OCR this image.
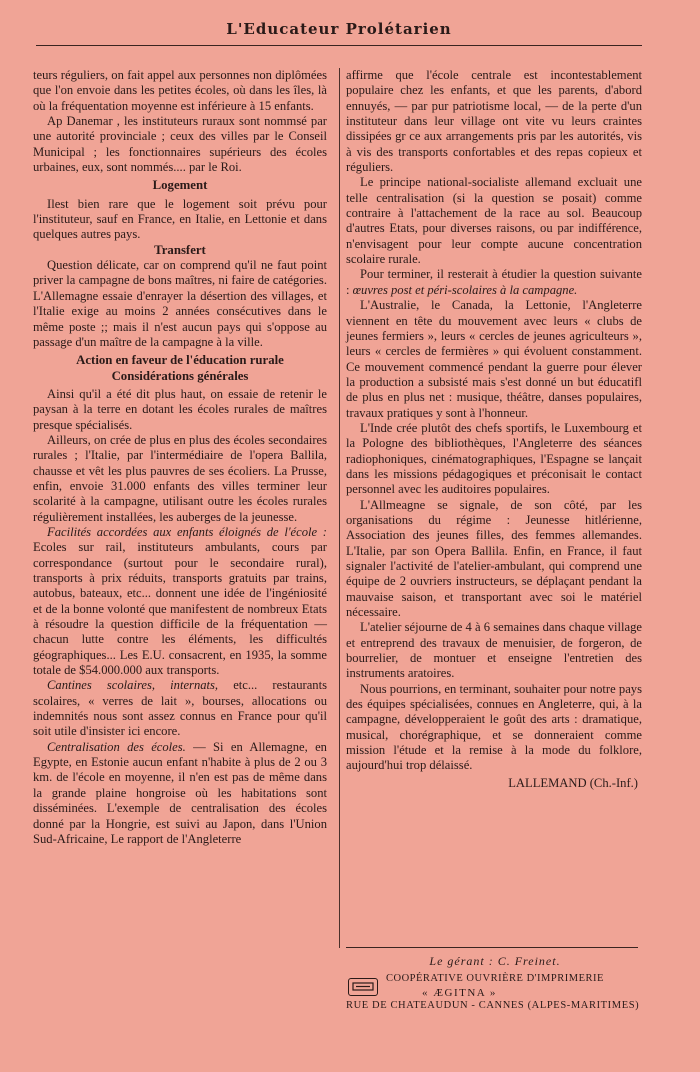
L'Educateur Prolétarien

teurs réguliers, on fait appel aux personnes non diplômées que l'on envoie dans les petites écoles, où dans les îles, là où la fréquentation moyenne est inférieure à 15 enfants.

Ap Danemar , les instituteurs ruraux sont nommsé par une autorité provinciale ; ceux des villes par le Conseil Municipal ; les fonctionnaires supérieurs des écoles urbaines, eux, sont nommés.... par le Roi.

Logement

Ilest bien rare que le logement soit prévu pour l'instituteur, sauf en France, en Italie, en Lettonie et dans quelques autres pays.

Transfert

Question délicate, car on comprend qu'il ne faut point priver la campagne de bons maîtres, ni faire de catégories. L'Allemagne essaie d'enrayer la désertion des villages, et l'Italie exige au moins 2 années consécutives dans le même poste ;; mais il n'est aucun pays qui s'oppose au passage d'un maître de la campagne à la ville.

Action en faveur de l'éducation rurale
Considérations générales

Ainsi qu'il a été dit plus haut, on essaie de retenir le paysan à la terre en dotant les écoles rurales de maîtres presque spécialisés.

Ailleurs, on crée de plus en plus des écoles secondaires rurales ; l'Italie, par l'intermédiaire de l'opera Ballila, chausse et vêt les plus pauvres de ses écoliers. La Prusse, enfin, envoie 31.000 enfants des villes terminer leur scolarité à la campagne, utilisant outre les écoles rurales régulièrement installées, les auberges de la jeunesse.

Facilités accordées aux enfants éloignés de l'école : Ecoles sur rail, instituteurs ambulants, cours par correspondance (surtout pour le secondaire rural), transports à prix réduits, transports gratuits par trains, autobus, bateaux, etc... donnent une idée de l'ingéniosité et de la bonne volonté que manifestent de nombreux Etats à résoudre la question difficile de la fréquentation — chacun lutte contre les éléments, les difficultés géographiques... Les E.U. consacrent, en 1935, la somme totale de $54.000.000 aux transports.

Cantines scolaires, internats, etc... restaurants scolaires, « verres de lait », bourses, allocations ou indemnités nous sont assez connus en France pour qu'il soit utile d'insister ici encore.

Centralisation des écoles. — Si en Allemagne, en Egypte, en Estonie aucun enfant n'habite à plus de 2 ou 3 km. de l'école en moyenne, il n'en est pas de même dans la grande plaine hongroise où les habitations sont disséminées. L'exemple de centralisation des écoles donné par la Hongrie, est suivi au Japon, dans l'Union Sud-Africaine, Le rapport de l'Angleterre

affirme que l'école centrale est incontestablement populaire chez les enfants, et que les parents, d'abord ennuyés, — par pur patriotisme local, — de la perte d'un instituteur dans leur village ont vite vu leurs craintes dissipées gr ce aux arrangements pris par les autorités, vis à vis des transports confortables et des repas copieux et réguliers.

Le principe national-socialiste allemand excluait une telle centralisation (si la question se posait) comme contraire à l'attachement de la race au sol. Beaucoup d'autres Etats, pour diverses raisons, ou par indifférence, n'envisagent pour leur compte aucune concentration scolaire rurale.

Pour terminer, il resterait à étudier la question suivante : œuvres post et péri-scolaires à la campagne.

L'Australie, le Canada, la Lettonie, l'Angleterre viennent en tête du mouvement avec leurs « clubs de jeunes fermiers », leurs « cercles de jeunes agriculteurs », leurs « cercles de fermières » qui évoluent constamment. Ce mouvement commencé pendant la guerre pour élever la production a subsisté mais s'est donné un but éducatifl de plus en plus net : musique, théâtre, danses populaires, travaux pratiques y sont à l'honneur.

L'Inde crée plutôt des chefs sportifs, le Luxembourg et la Pologne des bibliothèques, l'Angleterre des séances radiophoniques, cinématographiques, l'Espagne se lançait dans les missions pédagogiques et préconisait le contact personnel avec les auditoires populaires.

L'Allmeagne se signale, de son côté, par les organisations du régime : Jeunesse hitlérienne, Association des jeunes filles, des femmes allemandes. L'Italie, par son Opera Ballila. Enfin, en France, il faut signaler l'activité de l'atelier-ambulant, qui comprend une équipe de 2 ouvriers instructeurs, se déplaçant pendant la mauvaise saison, et transportant avec soi le matériel nécessaire.

L'atelier séjourne de 4 à 6 semaines dans chaque village et entreprend des travaux de menuisier, de forgeron, de bourrelier, de montuer et enseigne l'entretien des instruments aratoires.

Nous pourrions, en terminant, souhaiter pour notre pays des équipes spécialisées, connues en Angleterre, qui, à la campagne, développeraient le goût des arts : dramatique, musical, chorégraphique, et se donneraient comme mission l'étude et la remise à la mode du folklore, aujourd'hui trop délaissé.

LALLEMAND (Ch.-Inf.)
Le gérant : C. Freinet.
COOPÉRATIVE OUVRIÈRE D'IMPRIMERIE
« ÆGITNA »
RUE DE CHATEAUDUN - CANNES (ALPES-MARITIMES)
